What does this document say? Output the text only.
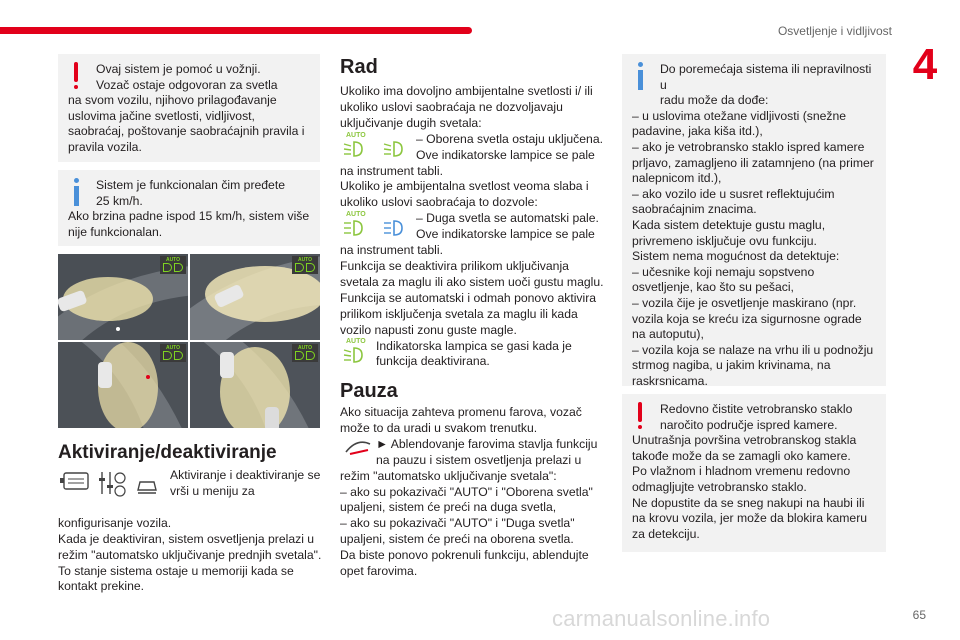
Osvetljenje i vidljivost
4

Ovaj sistem je pomoć u vožnji.

Vozač ostaje odgovoran za svetla

na svom vozilu, njihovo prilagođavanje uslovima jačine svetlosti, vidljivost, saobraćaj, poštovanje saobraćajnih pravila i pravila vozila.

Sistem je funkcionalan čim pređete

25 km/h.

Ako brzina padne ispod 15 km/h, sistem više nije funkcionalan.

AUTO	AUTO
AUTO	AUTO
Aktiviranje/deaktiviranje

Aktiviranje i deaktiviranje se vrši u meniju za

konfigurisanje vozila.

Kada je deaktiviran, sistem osvetljenja prelazi u režim "automatsko uključivanje prednjih svetala".

To stanje sistema ostaje u memoriji kada se kontakt prekine.

Rad

Ukoliko ima dovoljno ambijentalne svetlosti i/ ili ukoliko uslovi saobraćaja ne dozvoljavaju uključivanje dugih svetala:

– Oborena svetla ostaju uključena. Ove indikatorske lampice se pale

na instrument tabli.

Ukoliko je ambijentalna svetlost veoma slaba i ukoliko uslovi saobraćaja to dozvole:

– Duga svetla se automatski pale. Ove indikatorske lampice se pale

na instrument tabli.

Funkcija se deaktivira prilikom uključivanja svetala za maglu ili ako sistem uoči gustu maglu.

Funkcija se automatski i odmah ponovo aktivira prilikom isključenja svetala za maglu ili kada vozilo napusti zonu guste magle.

Indikatorska lampica se gasi kada je funkcija deaktivirana.

AUTO
AUTO
AUTO
Pauza

Ako situacija zahteva promenu farova, vozač može to da uradi u svakom trenutku.

► Ablendovanje farovima stavlja funkciju na pauzu i sistem osvetljenja prelazi u

režim "automatsko uključivanje svetala":

– ako su pokazivači "AUTO" i "Oborena svetla" upaljeni, sistem će preći na duga svetla,

– ako su pokazivači "AUTO" i "Duga svetla" upaljeni, sistem će preći na oborena svetla.

Da biste ponovo pokrenuli funkciju, ablendujte opet farovima.

Do poremećaja sistema ili nepravilnosti u

radu može da dođe:

– u uslovima otežane vidljivosti (snežne padavine, jaka kiša itd.),

– ako je vetrobransko staklo ispred kamere prljavo, zamagljeno ili zatamnjeno (na primer nalepnicom itd.),

– ako vozilo ide u susret reflektujućim saobraćajnim znacima.

Kada sistem detektuje gustu maglu, privremeno isključuje ovu funkciju.

Sistem nema mogućnost da detektuje:

– učesnike koji nemaju sopstveno osvetljenje, kao što su pešaci,

– vozila čije je osvetljenje maskirano (npr. vozila koja se kreću iza sigurnosne ograde na autoputu),

– vozila koja se nalaze na vrhu ili u podnožju strmog nagiba, u jakim krivinama, na raskrsnicama.

Redovno čistite vetrobransko staklo

naročito područje ispred kamere.

Unutrašnja površina vetrobranskog stakla takođe može da se zamagli oko kamere.

Po vlažnom i hladnom vremenu redovno odmagljujte vetrobransko staklo.

Ne dopustite da se sneg nakupi na haubi ili na krovu vozila, jer može da blokira kameru za detekciju.

carmanualsonline.info	65
